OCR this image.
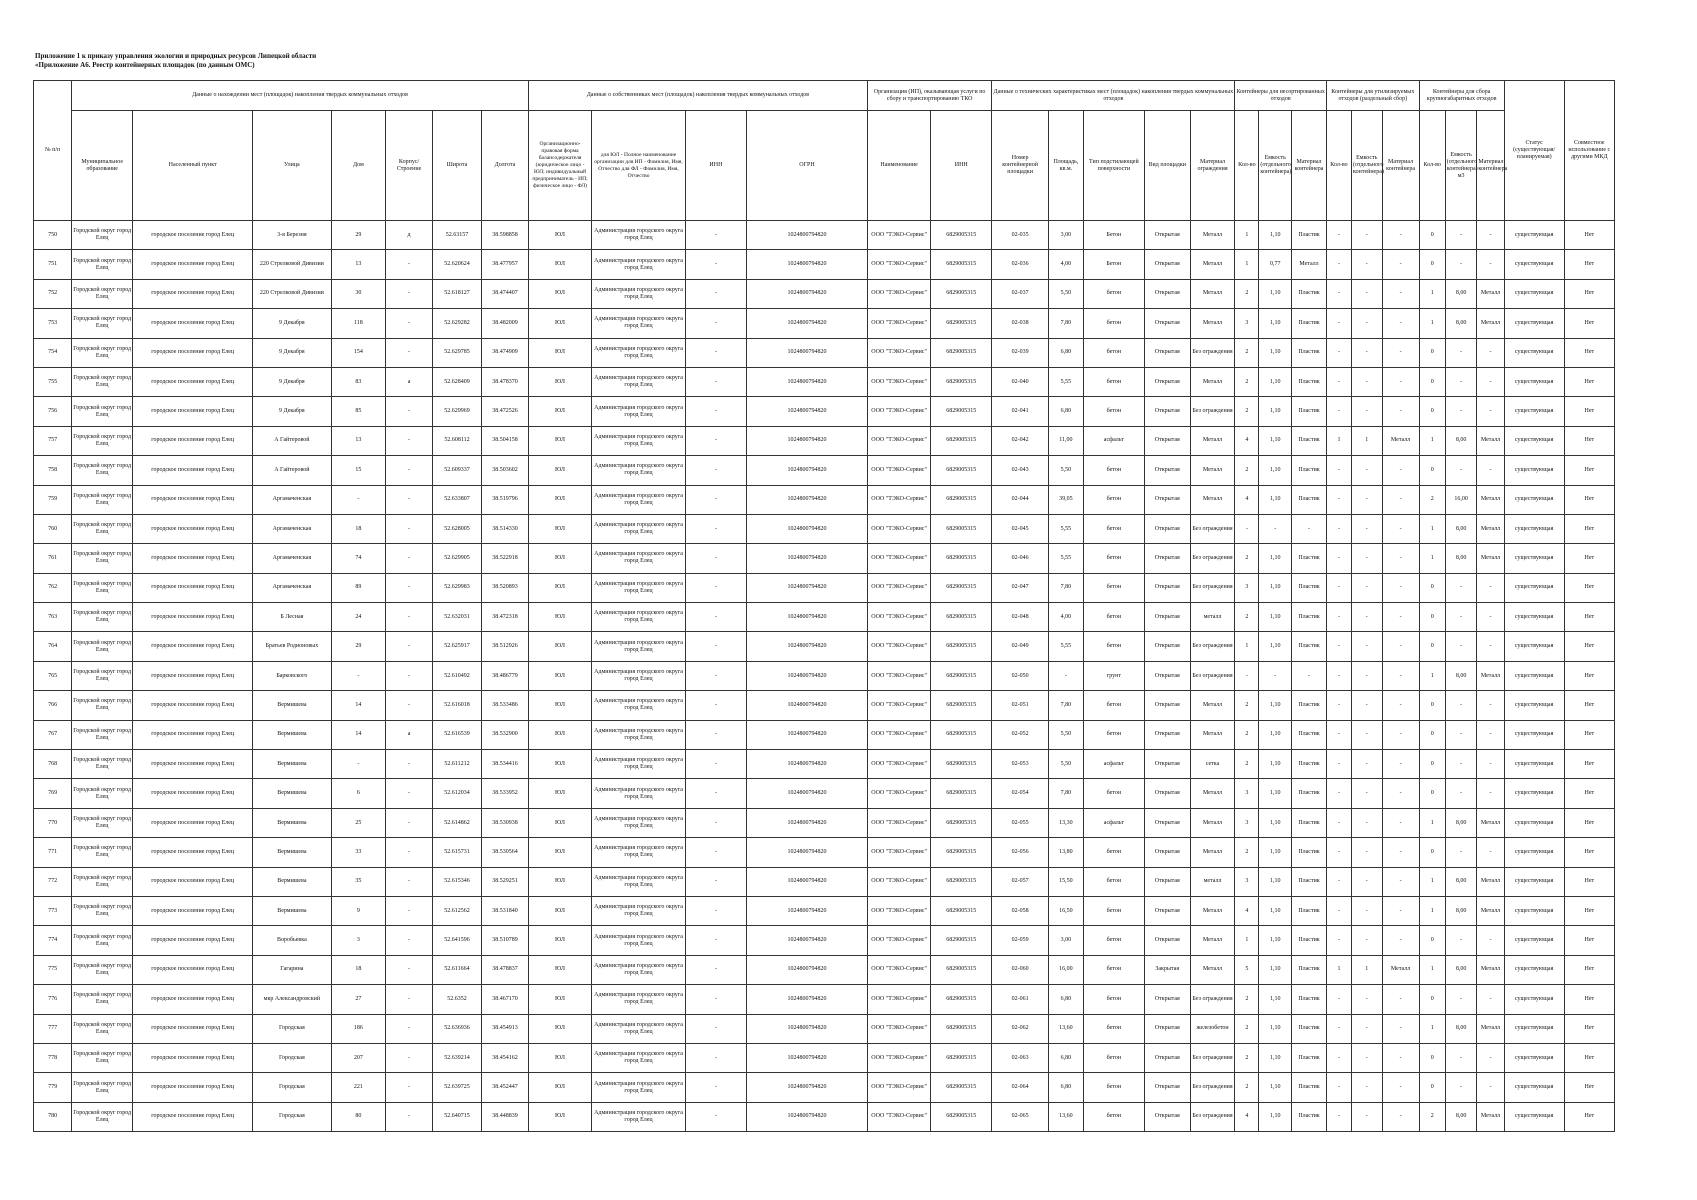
Приложение 1 к приказу управления экологии и природных ресурсов Липецкой области
«Приложение А6. Реестр контейнерных площадок (по данным ОМС)
№ п/п	Данные о нахождении мест (площадок) накопления твердых коммунальных отходов							Данные о собственниках мест (площадок) накопления твердых коммунальных отходов				Организация (ИП), оказывающая услуги по сбору и транспортированию ТКО		Данные о технических характеристиках мест (площадок) накопления твердых коммунальных отходов					Контейнеры для несортированных отходов			Контейнеры для утилизируемых отходов (раздельный сбор)			Контейнеры для сбора крупногабаритных отходов			Статус (существующая/ планируемая)	Совместное использование с другими МКД
	Муниципальное образование	Населенный пункт	Улица	Дом	Корпус/Строение	Широта	Долгота	Организационно-правовая форма балансодержателя (юридическое лицо - ЮЛ; индивидуальный предприниматель - ИП; физическое лицо - ФЛ)	для ЮЛ - Полное наименование организации для ИП - Фамилия, Имя, Отчество для ФЛ - Фамилия, Имя, Отчество	ИНН	ОГРН	Наименование	ИНН	Номер контейнерной площадки	Площадь, кв.м.	Тип подстилающей поверхности	Вид площадки	Материал ограждения	Кол-во	Емкость (отдельного контейнера)	Материал контейнера	Кол-во	Емкость (отдельного контейнера)	Материал контейнера	Кол-во	Емкость (отдельного контейнера) м3	Материал контейнера		
750	Городской округ город Елец	городское поселение город Елец	3-я Березня	29	д	52.63157	38.598858	ЮЛ	Администрация городского округа город Елец	-	1024800794820	ООО "ТЭКО-Сервис"	6829005315	02-035	3,00	Бетон	Открытая	Металл	1	1,10	Пластик	-	-	-	0	-	-	существующая	Нет
751	Городской округ город Елец	городское поселение город Елец	220 Стрелковой Дивизии	13	-	52.620624	38.477957	ЮЛ	Администрация городского округа город Елец	-	1024800794820	ООО "ТЭКО-Сервис"	6829005315	02-036	4,00	Бетон	Открытая	Металл	1	0,77	Металл	-	-	-	0	-	-	существующая	Нет
752	Городской округ город Елец	городское поселение город Елец	220 Стрелковой Дивизии	30	-	52.618127	38.474407	ЮЛ	Администрация городского округа город Елец	-	1024800794820	ООО "ТЭКО-Сервис"	6829005315	02-037	5,50	бетон	Открытая	Металл	2	1,10	Пластик	-	-	-	1	8,00	Металл	существующая	Нет
753	Городской округ город Елец	городское поселение город Елец	9 Декабря	118	-	52.629282	38.482009	ЮЛ	Администрация городского округа город Елец	-	1024800794820	ООО "ТЭКО-Сервис"	6829005315	02-038	7,80	бетон	Открытая	Металл	3	1,10	Пластик	-	-	-	1	8,00	Металл	существующая	Нет
754	Городской округ город Елец	городское поселение город Елец	9 Декабря	154	-	52.629785	38.474909	ЮЛ	Администрация городского округа город Елец	-	1024800794820	ООО "ТЭКО-Сервис"	6829005315	02-039	6,80	бетон	Открытая	Без ограждения	2	1,10	Пластик	-	-	-	0	-	-	существующая	Нет
755	Городской округ город Елец	городское поселение город Елец	9 Декабря	83	а	52.628409	38.478370	ЮЛ	Администрация городского округа город Елец	-	1024800794820	ООО "ТЭКО-Сервис"	6829005315	02-040	5,55	бетон	Открытая	Металл	2	1,10	Пластик	-	-	-	0	-	-	существующая	Нет
756	Городской округ город Елец	городское поселение город Елец	9 Декабря	85	-	52.629969	38.472526	ЮЛ	Администрация городского округа город Елец	-	1024800794820	ООО "ТЭКО-Сервис"	6829005315	02-041	6,80	бетон	Открытая	Без ограждения	2	1,10	Пластик	-	-	-	0	-	-	существующая	Нет
757	Городской округ город Елец	городское поселение город Елец	А Гайтеровой	13	-	52.608112	38.504158	ЮЛ	Администрация городского округа город Елец	-	1024800794820	ООО "ТЭКО-Сервис"	6829005315	02-042	11,00	асфальт	Открытая	Металл	4	1,10	Пластик	1	1	Металл	1	8,00	Металл	существующая	Нет
758	Городской округ город Елец	городское поселение город Елец	А Гайтеровой	15	-	52.609337	38.503602	ЮЛ	Администрация городского округа город Елец	-	1024800794820	ООО "ТЭКО-Сервис"	6829005315	02-043	5,50	бетон	Открытая	Металл	2	1,10	Пластик	-	-	-	0	-	-	существующая	Нет
759	Городской округ город Елец	городское поселение город Елец	Аргамаченская	-	-	52.633807	38.519796	ЮЛ	Администрация городского округа город Елец	-	1024800794820	ООО "ТЭКО-Сервис"	6829005315	02-044	39,05	бетон	Открытая	Металл	4	1,10	Пластик	-	-	-	2	16,00	Металл	существующая	Нет
760	Городской округ город Елец	городское поселение город Елец	Аргамаченская	18	-	52.628005	38.514330	ЮЛ	Администрация городского округа город Елец	-	1024800794820	ООО "ТЭКО-Сервис"	6829005315	02-045	5,55	бетон	Открытая	Без ограждения	-	-	-	-	-	-	1	8,00	Металл	существующая	Нет
761	Городской округ город Елец	городское поселение город Елец	Аргамаченская	74	-	52.629905	38.522918	ЮЛ	Администрация городского округа город Елец	-	1024800794820	ООО "ТЭКО-Сервис"	6829005315	02-046	5,55	бетон	Открытая	Без ограждения	2	1,10	Пластик	-	-	-	1	8,00	Металл	существующая	Нет
762	Городской округ город Елец	городское поселение город Елец	Аргамаченская	89	-	52.629983	38.520893	ЮЛ	Администрация городского округа город Елец	-	1024800794820	ООО "ТЭКО-Сервис"	6829005315	02-047	7,80	бетон	Открытая	Без ограждения	3	1,10	Пластик	-	-	-	0	-	-	существующая	Нет
763	Городской округ город Елец	городское поселение город Елец	Б Лесная	24	-	52.632031	38.472318	ЮЛ	Администрация городского округа город Елец	-	1024800794820	ООО "ТЭКО-Сервис"	6829005315	02-048	4,00	бетон	Открытая	металл	2	1,10	Пластик	-	-	-	0	-	-	существующая	Нет
764	Городской округ город Елец	городское поселение город Елец	Братьев Родионовых	29	-	52.625917	38.512926	ЮЛ	Администрация городского округа город Елец	-	1024800794820	ООО "ТЭКО-Сервис"	6829005315	02-049	5,55	бетон	Открытая	Без ограждения	1	1,10	Пластик	-	-	-	0	-	-	существующая	Нет
765	Городской округ город Елец	городское поселение город Елец	Барковского	-	-	52.610492	38.486779	ЮЛ	Администрация городского округа город Елец	-	1024800794820	ООО "ТЭКО-Сервис"	6829005315	02-050	-	грунт	Открытая	Без ограждения	-	-	-	-	-	-	1	8,00	Металл	существующая	Нет
766	Городской округ город Елец	городское поселение город Елец	Вермишева	14	-	52.616018	38.533486	ЮЛ	Администрация городского округа город Елец	-	1024800794820	ООО "ТЭКО-Сервис"	6829005315	02-051	7,80	бетон	Открытая	Металл	2	1,10	Пластик	-	-	-	0	-	-	существующая	Нет
767	Городской округ город Елец	городское поселение город Елец	Вермишева	14	а	52.616539	38.532900	ЮЛ	Администрация городского округа город Елец	-	1024800794820	ООО "ТЭКО-Сервис"	6829005315	02-052	5,50	бетон	Открытая	Металл	2	1,10	Пластик	-	-	-	0	-	-	существующая	Нет
768	Городской округ город Елец	городское поселение город Елец	Вермишева	-	-	52.611212	38.534416	ЮЛ	Администрация городского округа город Елец	-	1024800794820	ООО "ТЭКО-Сервис"	6829005315	02-053	5,50	асфальт	Открытая	сетка	2	1,10	Пластик	-	-	-	0	-	-	существующая	Нет
769	Городской округ город Елец	городское поселение город Елец	Вермишева	6	-	52.612034	38.533952	ЮЛ	Администрация городского округа город Елец	-	1024800794820	ООО "ТЭКО-Сервис"	6829005315	02-054	7,80	бетон	Открытая	Металл	3	1,10	Пластик	-	-	-	0	-	-	существующая	Нет
770	Городской округ город Елец	городское поселение город Елец	Вермишева	25	-	52.614862	38.530938	ЮЛ	Администрация городского округа город Елец	-	1024800794820	ООО "ТЭКО-Сервис"	6829005315	02-055	13,30	асфальт	Открытая	Металл	3	1,10	Пластик	-	-	-	1	8,00	Металл	существующая	Нет
771	Городской округ город Елец	городское поселение город Елец	Вермишева	33	-	52.615731	38.530564	ЮЛ	Администрация городского округа город Елец	-	1024800794820	ООО "ТЭКО-Сервис"	6829005315	02-056	13,80	бетон	Открытая	Металл	2	1,10	Пластик	-	-	-	0	-	-	существующая	Нет
772	Городской округ город Елец	городское поселение город Елец	Вермишева	35	-	52.615346	38.529251	ЮЛ	Администрация городского округа город Елец	-	1024800794820	ООО "ТЭКО-Сервис"	6829005315	02-057	15,50	бетон	Открытая	металл	3	1,10	Пластик	-	-	-	1	8,00	Металл	существующая	Нет
773	Городской округ город Елец	городское поселение город Елец	Вермишева	9	-	52.612562	38.531840	ЮЛ	Администрация городского округа город Елец	-	1024800794820	ООО "ТЭКО-Сервис"	6829005315	02-058	16,50	бетон	Открытая	Металл	4	1,10	Пластик	-	-	-	1	8,00	Металл	существующая	Нет
774	Городской округ город Елец	городское поселение город Елец	Воробьевка	3	-	52.641596	38.510789	ЮЛ	Администрация городского округа город Елец	-	1024800794820	ООО "ТЭКО-Сервис"	6829005315	02-059	3,00	бетон	Открытая	Металл	1	1,10	Пластик	-	-	-	0	-	-	существующая	Нет
775	Городской округ город Елец	городское поселение город Елец	Гагарина	18	-	52.611664	38.478837	ЮЛ	Администрация городского округа город Елец	-	1024800794820	ООО "ТЭКО-Сервис"	6829005315	02-060	16,00	бетон	Закрытая	Металл	5	1,10	Пластик	1	1	Металл	1	8,00	Металл	существующая	Нет
776	Городской округ город Елец	городское поселение город Елец	мкр Александровский	27	-	52.6352	38.467170	ЮЛ	Администрация городского округа город Елец	-	1024800794820	ООО "ТЭКО-Сервис"	6829005315	02-061	6,80	бетон	Открытая	Без ограждения	2	1,10	Пластик	-	-	-	0	-	-	существующая	Нет
777	Городской округ город Елец	городское поселение город Елец	Городская	186	-	52.636936	38.454913	ЮЛ	Администрация городского округа город Елец	-	1024800794820	ООО "ТЭКО-Сервис"	6829005315	02-062	13,60	бетон	Открытая	железобетон	2	1,10	Пластик	-	-	-	1	8,00	Металл	существующая	Нет
778	Городской округ город Елец	городское поселение город Елец	Городская	207	-	52.639214	38.454162	ЮЛ	Администрация городского округа город Елец	-	1024800794820	ООО "ТЭКО-Сервис"	6829005315	02-063	6,80	бетон	Открытая	Без ограждения	2	1,10	Пластик	-	-	-	0	-	-	существующая	Нет
779	Городской округ город Елец	городское поселение город Елец	Городская	221	-	52.639725	38.452447	ЮЛ	Администрация городского округа город Елец	-	1024800794820	ООО "ТЭКО-Сервис"	6829005315	02-064	6,80	бетон	Открытая	Без ограждения	2	1,10	Пластик	-	-	-	0	-	-	существующая	Нет
780	Городской округ город Елец	городское поселение город Елец	Городская	80	-	52.640715	38.448839	ЮЛ	Администрация городского округа город Елец	-	1024800794820	ООО "ТЭКО-Сервис"	6829005315	02-065	13,60	бетон	Открытая	Без ограждения	4	1,10	Пластик	-	-	-	2	8,00	Металл	существующая	Нет
